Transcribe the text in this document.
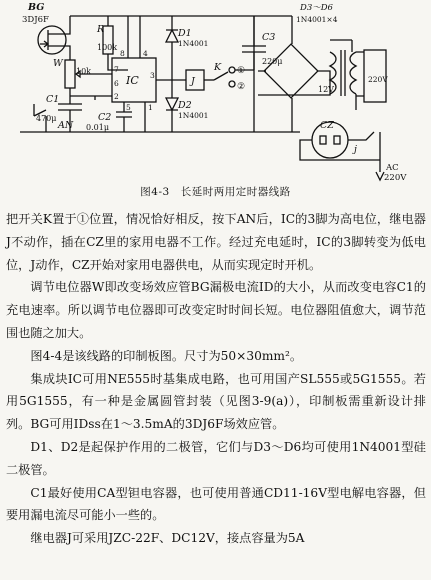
BG
3DJ6F
R
100k
W
10k
C1
470μ
IC
8 4
7
6
2
3
5 1
C2
0.01μ
AN
D1
1N4001
D2
1N4001
J
K ①
②
C3
220μ
D3～D6
1N4001×4
12V
220V
CZ
j
AC
220V
图4-3　长延时两用定时器线路

把开关K置于①位置，情况恰好相反，按下AN后，IC的3脚为高电位，继电器J不动作，插在CZ里的家用电器不工作。经过充电延时，IC的3脚转变为低电位，J动作，CZ开始对家用电器供电，从而实现定时开机。

调节电位器W即改变场效应管BG漏极电流ID的大小，从而改变电容C1的充电速率。所以调节电位器即可改变定时时间长短。电位器阻值愈大，调节范围也随之加大。

图4-4是该线路的印制板图。尺寸为50×30mm²。

集成块IC可用NE555时基集成电路，也可用国产SL555或5G1555。若用5G1555，有一种是金属圆管封装（见图3-9(a)），印制板需重新设计排列。BG可用IDss在1～3.5mA的3DJ6F场效应管。

D1、D2是起保护作用的二极管，它们与D3～D6均可使用1N4001型硅二极管。

C1最好使用CA型钽电容器，也可使用普通CD11-16V型电解电容器，但要用漏电流尽可能小一些的。

继电器J可采用JZC-22F、DC12V，接点容量为5A
